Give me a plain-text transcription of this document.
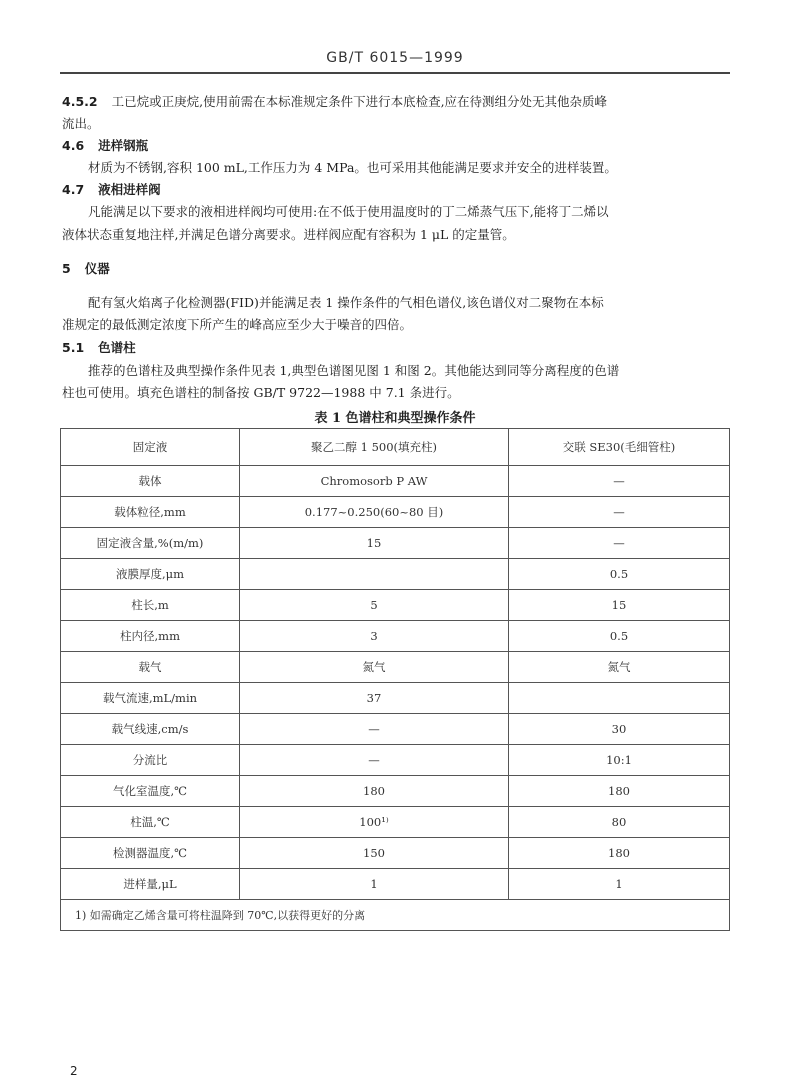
GB/T 6015—1999
4.5.2 工已烷或正庚烷,使用前需在本标准规定条件下进行本底检查,应在待测组分处无其他杂质峰
流出。
4.6 进样钢瓶
材质为不锈钢,容积 100 mL,工作压力为 4 MPa。也可采用其他能满足要求并安全的进样装置。
4.7 液相进样阀
凡能满足以下要求的液相进样阀均可使用:在不低于使用温度时的丁二烯蒸气压下,能将丁二烯以
液体状态重复地注样,并满足色谱分离要求。进样阀应配有容积为 1 μL 的定量管。
5 仪器
配有氢火焰离子化检测器(FID)并能满足表 1 操作条件的气相色谱仪,该色谱仪对二聚物在本标
准规定的最低测定浓度下所产生的峰高应至少大于噪音的四倍。
5.1 色谱柱
推荐的色谱柱及典型操作条件见表 1,典型色谱图见图 1 和图 2。其他能达到同等分离程度的色谱
柱也可使用。填充色谱柱的制备按 GB/T 9722—1988 中 7.1 条进行。
表 1 色谱柱和典型操作条件
固定液	聚乙二醇 1 500(填充柱)	交联 SE30(毛细管柱)
载体	Chromosorb P AW	—
载体粒径,mm	0.177~0.250(60~80 目)	—
固定液含量,%(m/m)	15	—
液膜厚度,μm		0.5
柱长,m	5	15
柱内径,mm	3	0.5
载气	氮气	氮气
载气流速,mL/min	37	
载气线速,cm/s	—	30
分流比	—	10:1
气化室温度,℃	180	180
柱温,℃	100¹⁾	80
检测器温度,℃	150	180
进样量,μL	1	1
1) 如需确定乙烯含量可将柱温降到 70℃,以获得更好的分离		
2
